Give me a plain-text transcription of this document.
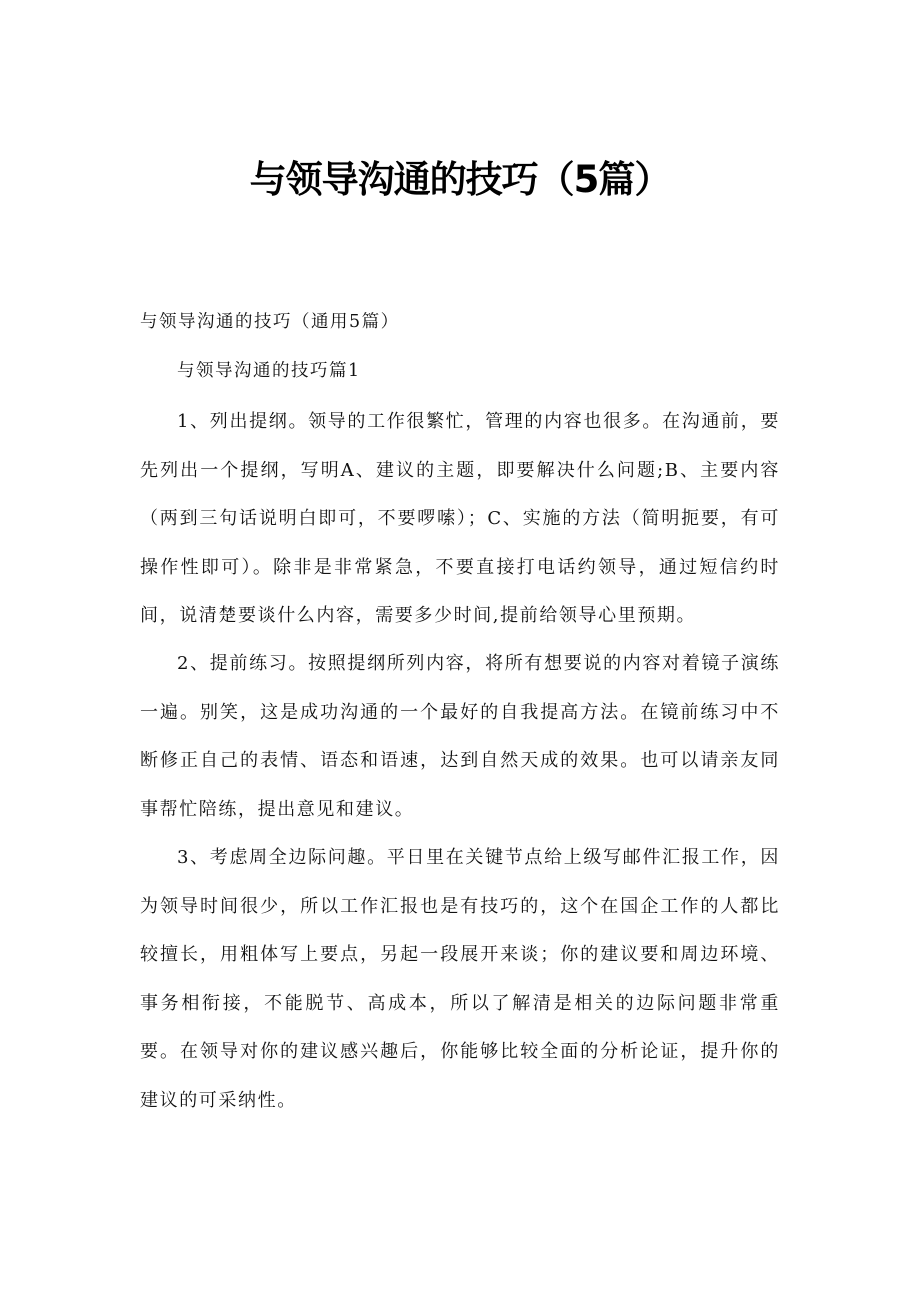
与领导沟通的技巧（5篇）

与领导沟通的技巧（通用5篇）

与领导沟通的技巧篇1

1、列出提纲。领导的工作很繁忙，管理的内容也很多。在沟通前，要先列出一个提纲，写明A、建议的主题，即要解决什么问题;B、主要内容（两到三句话说明白即可，不要啰嗦）；C、实施的方法（简明扼要，有可操作性即可）。除非是非常紧急，不要直接打电话约领导，通过短信约时间，说清楚要谈什么内容，需要多少时间,提前给领导心里预期。

2、提前练习。按照提纲所列内容，将所有想要说的内容对着镜子演练一遍。别笑，这是成功沟通的一个最好的自我提高方法。在镜前练习中不断修正自己的表情、语态和语速，达到自然天成的效果。也可以请亲友同事帮忙陪练，提出意见和建议。

3、考虑周全边际问趣。平日里在关键节点给上级写邮件汇报工作，因为领导时间很少，所以工作汇报也是有技巧的，这个在国企工作的人都比较擅长，用粗体写上要点，另起一段展开来谈；你的建议要和周边环境、事务相衔接，不能脱节、高成本，所以了解清是相关的边际问题非常重要。在领导对你的建议感兴趣后，你能够比较全面的分析论证，提升你的建议的可采纳性。
